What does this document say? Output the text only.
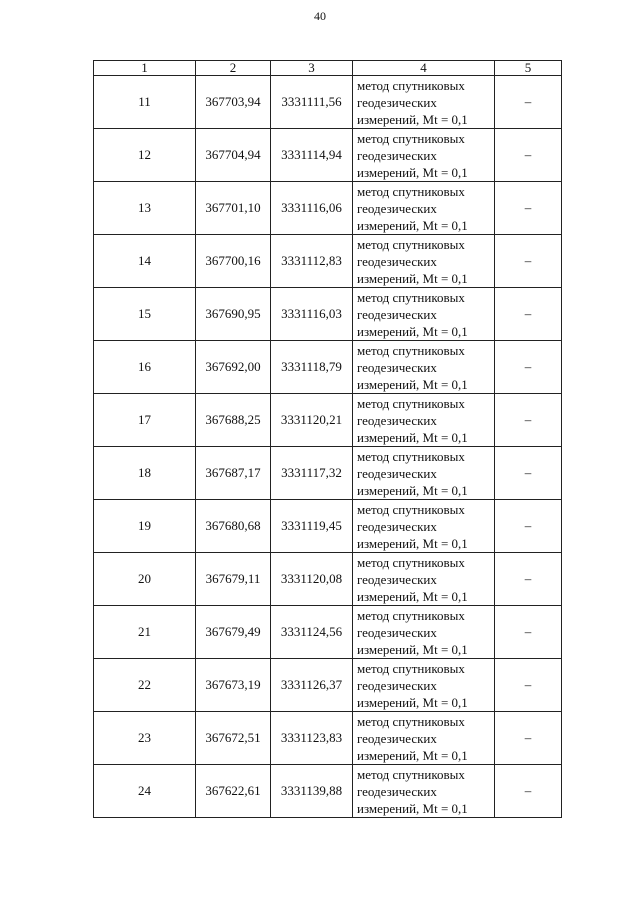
40
1	2	3	4	5
11	367703,94	3331111,56	метод спутниковых
геодезических
измерений, Mt = 0,1	–
12	367704,94	3331114,94	метод спутниковых
геодезических
измерений, Mt = 0,1	–
13	367701,10	3331116,06	метод спутниковых
геодезических
измерений, Mt = 0,1	–
14	367700,16	3331112,83	метод спутниковых
геодезических
измерений, Mt = 0,1	–
15	367690,95	3331116,03	метод спутниковых
геодезических
измерений, Mt = 0,1	–
16	367692,00	3331118,79	метод спутниковых
геодезических
измерений, Mt = 0,1	–
17	367688,25	3331120,21	метод спутниковых
геодезических
измерений, Mt = 0,1	–
18	367687,17	3331117,32	метод спутниковых
геодезических
измерений, Mt = 0,1	–
19	367680,68	3331119,45	метод спутниковых
геодезических
измерений, Mt = 0,1	–
20	367679,11	3331120,08	метод спутниковых
геодезических
измерений, Mt = 0,1	–
21	367679,49	3331124,56	метод спутниковых
геодезических
измерений, Mt = 0,1	–
22	367673,19	3331126,37	метод спутниковых
геодезических
измерений, Mt = 0,1	–
23	367672,51	3331123,83	метод спутниковых
геодезических
измерений, Mt = 0,1	–
24	367622,61	3331139,88	метод спутниковых
геодезических
измерений, Mt = 0,1	–
